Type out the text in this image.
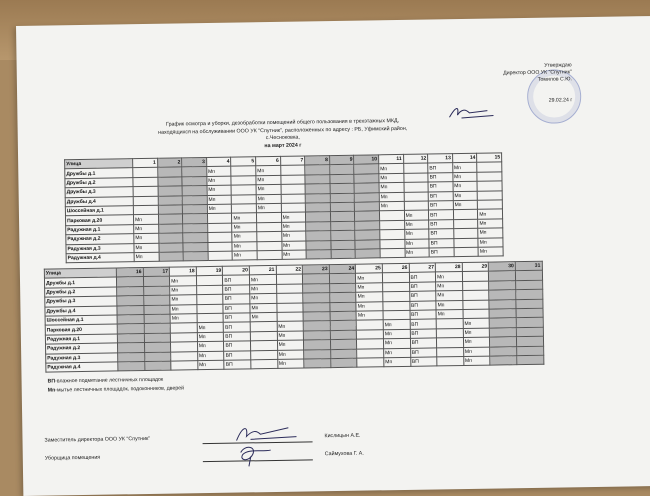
Утверждаю
Директор ООО УК "Спутник"
Томилов С.Ю.
29.02.24 г
График осмотра и уборки, дезобработки помещений общего пользования в трехэтажных МКД,
находящихся на обслуживании ООО УК "Спутник", расположенных по адресу : РБ, Уфимский район,
с.Чесноковка,
на март 2024 г
Улица	1	2	3	4	5	6	7	8	9	10	11	12	13	14	15
Дружбы д.1				Мп		Мп					Мп		ВП	Мп	
Дружбы д.2				Мп		Мп					Мп		ВП	Мп	
Дружбы д.3				Мп		Мп					Мп		ВП	Мп	
Дружбы д.4				Мп		Мп					Мп		ВП	Мп	
Шоссейная д.1				Мп		Мп					Мп		ВП	Мп	
Парковая д.20	Мп				Мп		Мп					Мп	ВП		Мп
Радужная д.1	Мп				Мп		Мп					Мп	ВП		Мп
Радужная д.2	Мп				Мп		Мп					Мп	ВП		Мп
Радужная д.3	Мп				Мп		Мп					Мп	ВП		Мп
Радужная д.4	Мп				Мп		Мп					Мп	ВП		Мп
Улица	16	17	18	19	20	21	22	23	24	25	26	27	28	29	30	31
Дружбы д.1			Мп		ВП	Мп				Мп		ВП	Мп			
Дружбы д.2			Мп		ВП	Мп				Мп		ВП	Мп			
Дружбы д.3			Мп		ВП	Мп				Мп		ВП	Мп			
Дружбы д.4			Мп		ВП	Мп				Мп		ВП	Мп			
Шоссейная д.1			Мп		ВП	Мп				Мп		ВП	Мп			
Парковая д.20				Мп	ВП		Мп				Мп	ВП		Мп		
Радужная д.1				Мп	ВП		Мп				Мп	ВП		Мп		
Радужная д.2				Мп	ВП		Мп				Мп	ВП		Мп		
Радужная д.3				Мп	ВП		Мп				Мп	ВП		Мп		
Радужная д.4				Мп	ВП		Мп				Мп	ВП		Мп		
ВП-влажное подметание лестничных площадок
Мп-мытье лестничных площадок, подоконников, дверей
Заместитель директора ООО УК "Спутник"
Кислицын А.Е.
Уборщица помещения
Саймухова Г. А.
